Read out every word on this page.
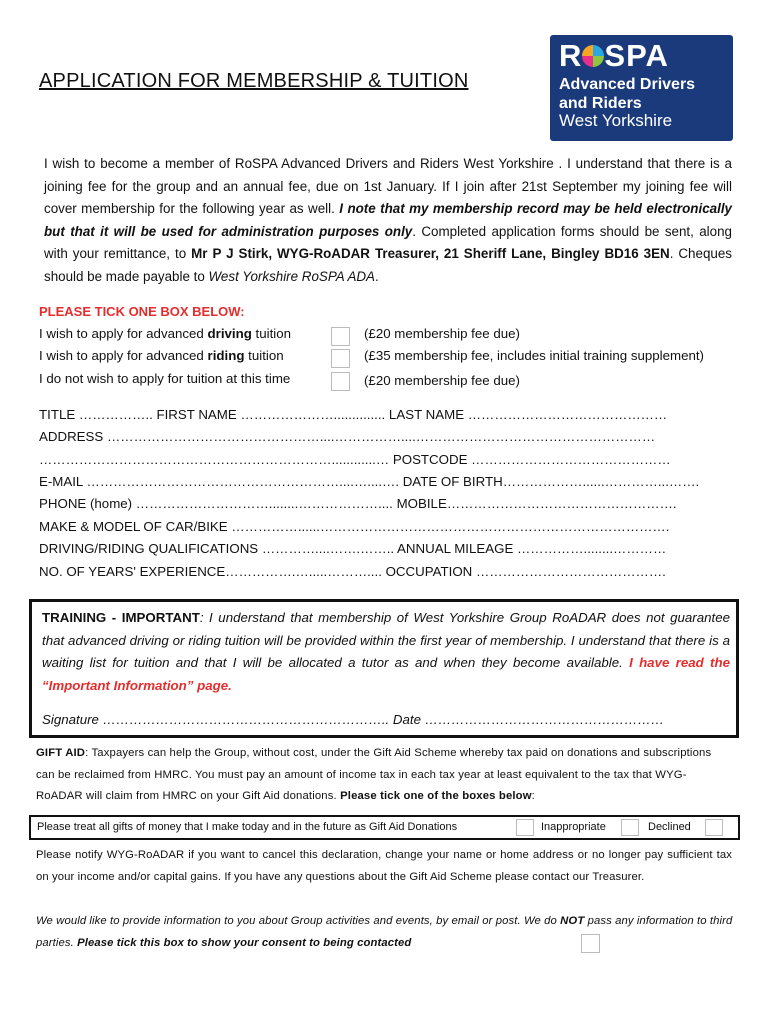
APPLICATION FOR MEMBERSHIP & TUITION
R SPA
Advanced Drivers
and Riders
West Yorkshire
I wish to become a member of RoSPA Advanced Drivers and Riders West Yorkshire . I understand that there is a joining fee for the group and an annual fee, due on 1st January. If I join after 21st September my joining fee will cover membership for the following year as well. I note that my membership record may be held electronically but that it will be used for administration purposes only. Completed application forms should be sent, along with your remittance, to Mr P J Stirk, WYG-RoADAR Treasurer, 21 Sheriff Lane, Bingley BD16 3EN. Cheques should be made payable to West Yorkshire RoSPA ADA.
PLEASE TICK ONE BOX BELOW:
I wish to apply for advanced driving tuition	(£20 membership fee due)
I wish to apply for advanced riding tuition	(£35 membership fee, includes initial training supplement)
I do not wish to apply for tuition at this time	(£20 membership fee due)
TITLE …………….. FIRST NAME ………………….............. LAST NAME ………………………………………
ADDRESS …………………………………………....……………....………………………………………………
…………………………………………………………............… POSTCODE ………………………………………
E-MAIL …………………………………………………....…....…. DATE OF BIRTH………………......…………...…….
PHONE (home) …………………………........……………….... MOBILE…………………………………………….
MAKE & MODEL OF CAR/BIKE ……………......…………………………………………………………………….
DRIVING/RIDING QUALIFICATIONS …………....…….…….. ANNUAL MILEAGE ……………........…………
NO. OF YEARS' EXPERIENCE…………….….....……….... OCCUPATION …………………………………….
TRAINING - IMPORTANT: I understand that membership of West Yorkshire Group RoADAR does not guarantee that advanced driving or riding tuition will be provided within the first year of membership. I understand that there is a waiting list for tuition and that I will be allocated a tutor as and when they become available. I have read the “Important Information” page.
Signature ……………………………………………………….. Date ………………………………………………
GIFT AID: Taxpayers can help the Group, without cost, under the Gift Aid Scheme whereby tax paid on donations and subscriptions can be reclaimed from HMRC. You must pay an amount of income tax in each tax year at least equivalent to the tax that WYG-RoADAR will claim from HMRC on your Gift Aid donations. Please tick one of the boxes below:
Please treat all gifts of money that I make today and in the future as Gift Aid Donations	Inappropriate	Declined
Please notify WYG-RoADAR if you want to cancel this declaration, change your name or home address or no longer pay sufficient tax on your income and/or capital gains. If you have any questions about the Gift Aid Scheme please contact our Treasurer.
We would like to provide information to you about Group activities and events, by email or post. We do NOT pass any information to third parties. Please tick this box to show your consent to being contacted
